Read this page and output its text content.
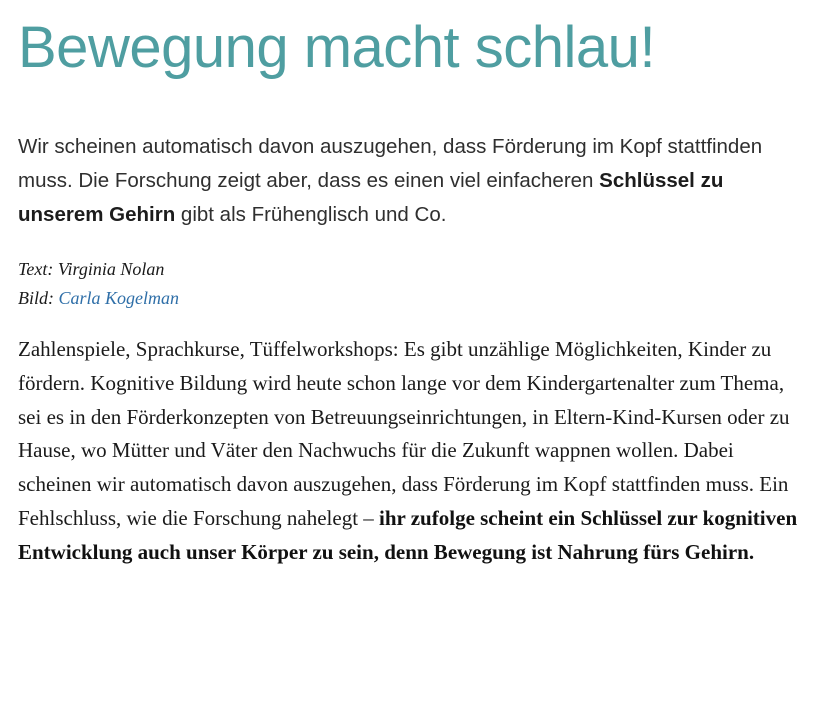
Bewegung macht schlau!

Wir scheinen automatisch davon auszugehen, dass Förderung im Kopf stattfinden muss. Die Forschung zeigt aber, dass es einen viel einfacheren Schlüssel zu unserem Gehirn gibt als Frühenglisch und Co.

Text: Virginia Nolan
Bild: Carla Kogelman

Zahlenspiele, Sprachkurse, Tüffelworkshops: Es gibt unzählige Möglichkeiten, Kinder zu fördern. Kognitive Bildung wird heute schon lange vor dem Kindergartenalter zum Thema, sei es in den Förderkonzepten von Betreuungseinrichtungen, in Eltern-Kind-Kursen oder zu Hause, wo Mütter und Väter den Nachwuchs für die Zukunft wappnen wollen. Dabei scheinen wir automatisch davon auszugehen, dass Förderung im Kopf stattfinden muss. Ein Fehlschluss, wie die Forschung nahelegt – ihr zufolge scheint ein Schlüssel zur kognitiven Entwicklung auch unser Körper zu sein, denn Bewegung ist Nahrung fürs Gehirn.
